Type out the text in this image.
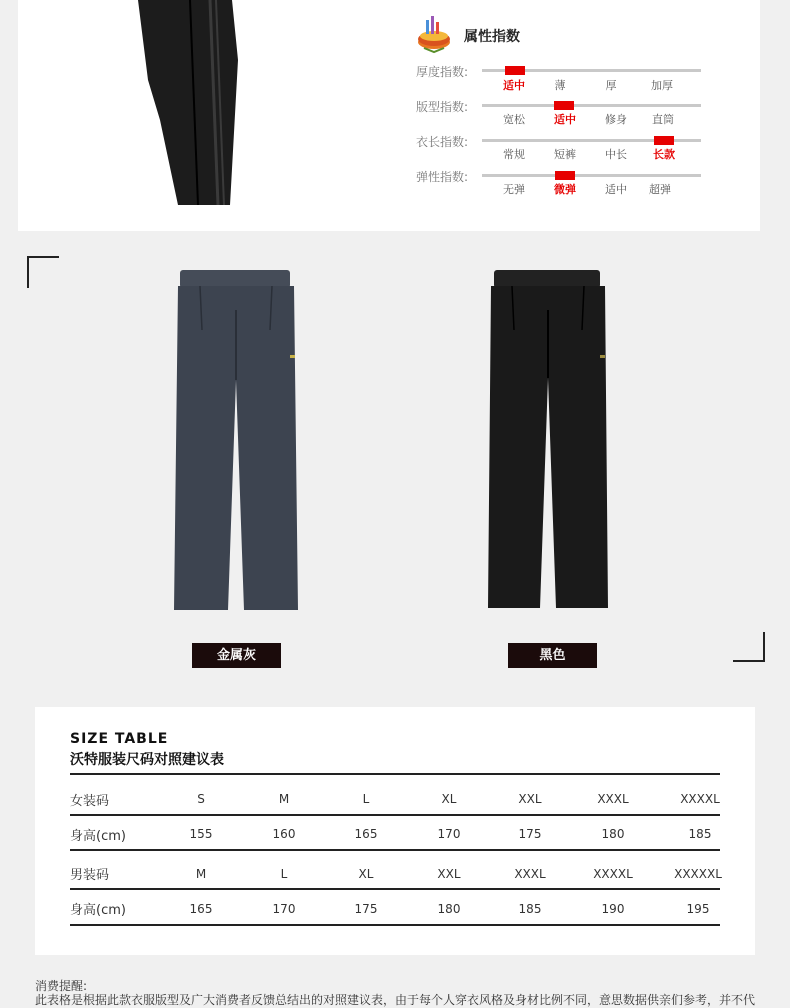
属性指数
厚度指数:
适中	薄	厚	加厚
版型指数:
宽松	适中	修身	直筒
衣长指数:
常规	短裤	中长	长款
弹性指数:
无弹	微弹	适中	超弹
金属灰	黑色
SIZE TABLE
沃特服装尺码对照建议表
女装码	S	M	L	XL	XXL	XXXL	XXXXL
身高(cm)	155	160	165	170	175	180	185
男装码	M	L	XL	XXL	XXXL	XXXXL	XXXXXL
身高(cm)	165	170	175	180	185	190	195
消费提醒:
此表格是根据此款衣服版型及广大消费者反馈总结出的对照建议表，由于每个人穿衣风格及身材比例不同，意思数据供亲们参考，并不代
